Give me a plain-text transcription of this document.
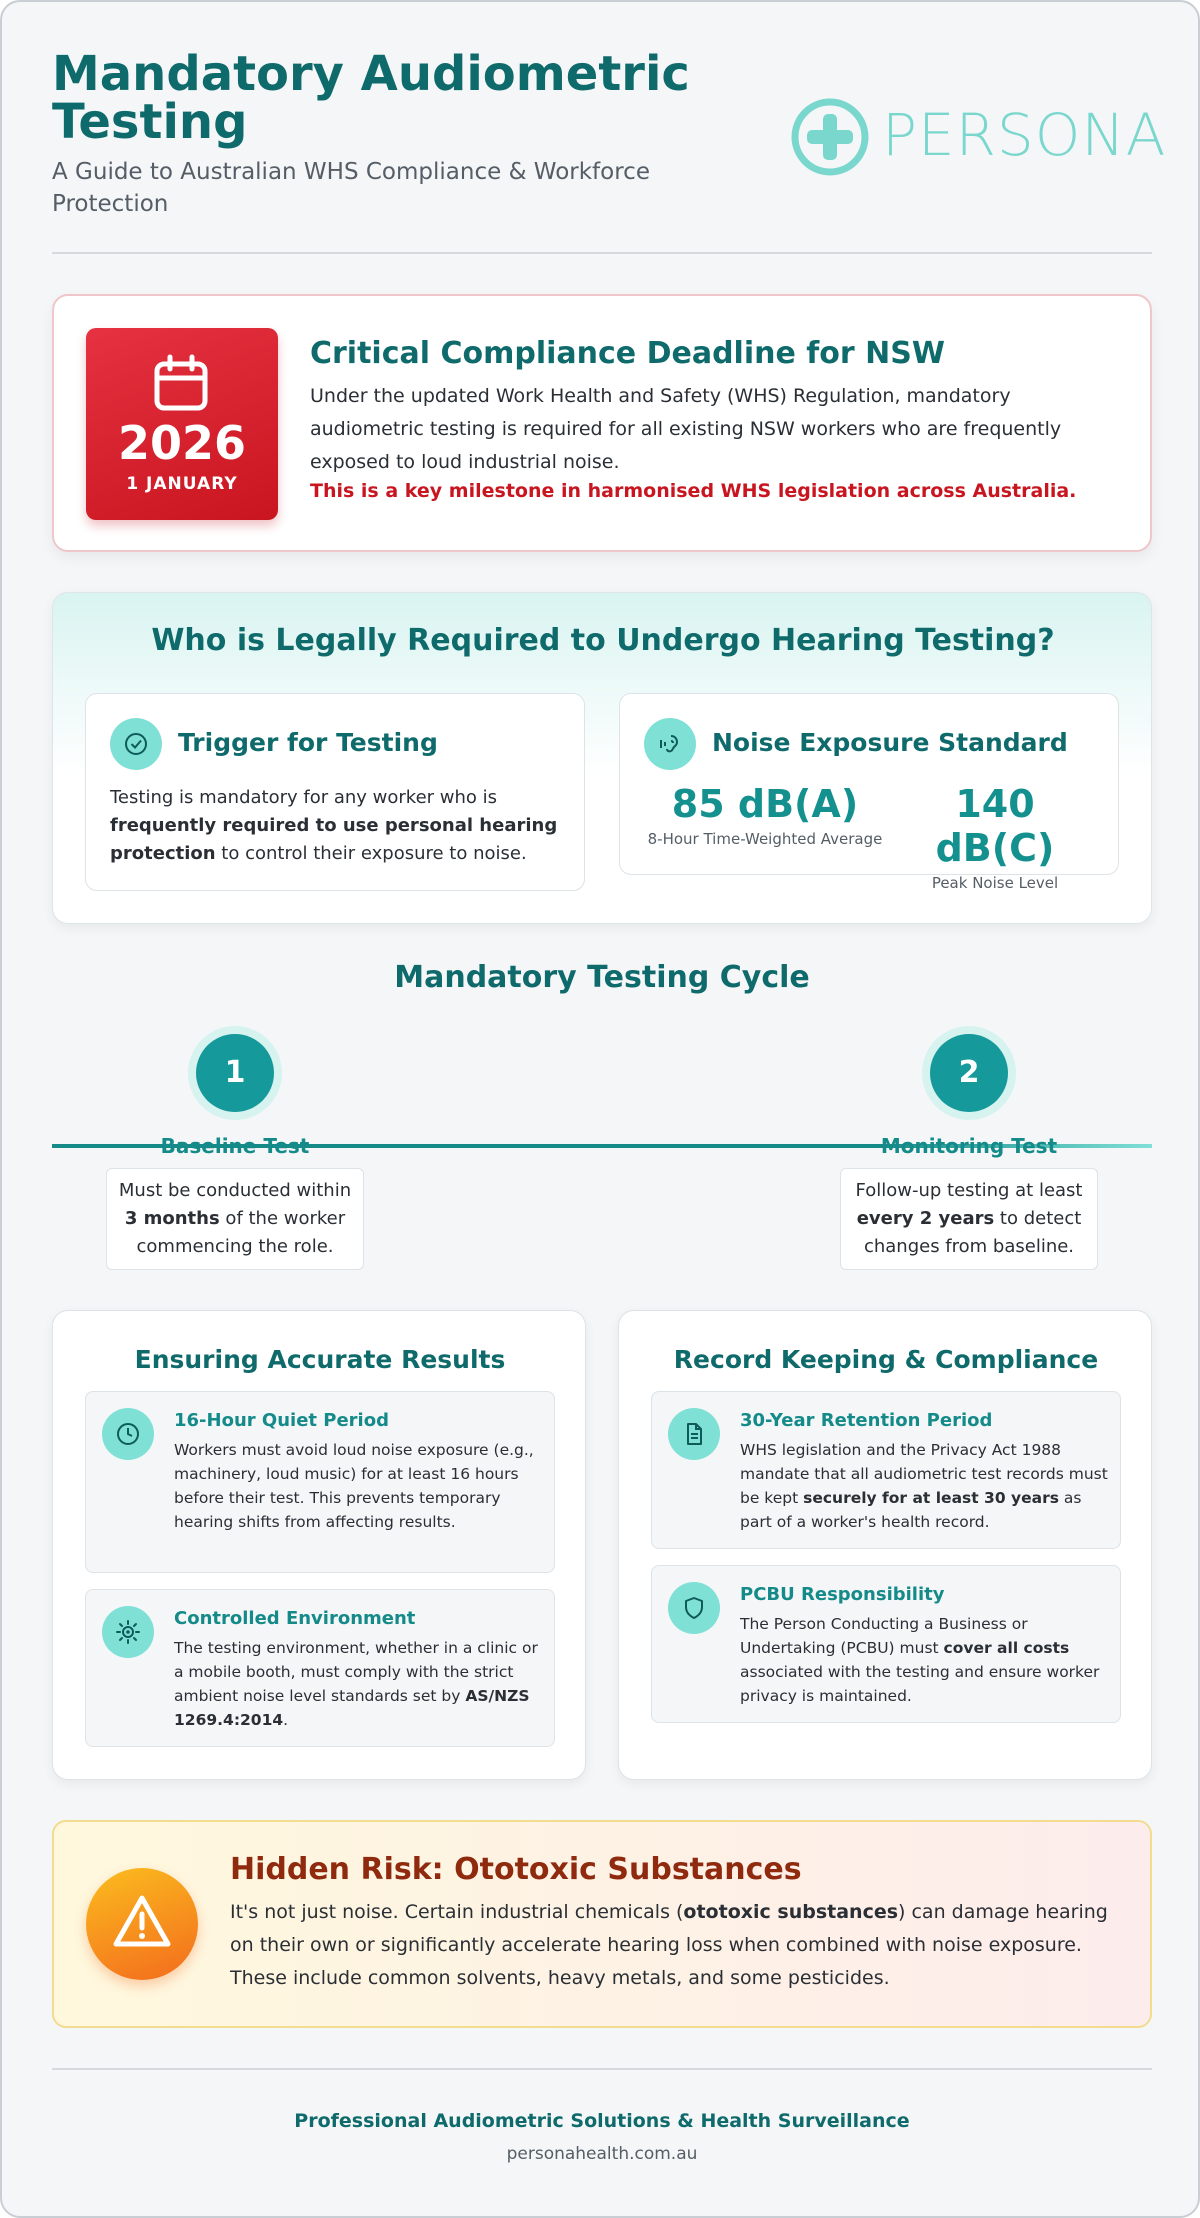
Mandatory Audiometric Testing
A Guide to Australian WHS Compliance & Workforce Protection
PERSONA
2026
1 JANUARY
Critical Compliance Deadline for NSW
Under the updated Work Health and Safety (WHS) Regulation, mandatory audiometric testing is required for all existing NSW workers who are frequently exposed to loud industrial noise.
This is a key milestone in harmonised WHS legislation across Australia.
Who is Legally Required to Undergo Hearing Testing?
Trigger for Testing
Testing is mandatory for any worker who is frequently required to use personal hearing protection to control their exposure to noise.
Noise Exposure Standard
85 dB(A)
8-Hour Time-Weighted Average
140 dB(C)
Peak Noise Level
Mandatory Testing Cycle
1
Baseline Test
Must be conducted within 3 months of the worker commencing the role.
2
Monitoring Test
Follow-up testing at least every 2 years to detect changes from baseline.
Ensuring Accurate Results
16-Hour Quiet Period

Workers must avoid loud noise exposure (e.g., machinery, loud music) for at least 16 hours before their test. This prevents temporary hearing shifts from affecting results.

Controlled Environment

The testing environment, whether in a clinic or a mobile booth, must comply with the strict ambient noise level standards set by AS/NZS 1269.4:2014.

Record Keeping & Compliance
30-Year Retention Period

WHS legislation and the Privacy Act 1988 mandate that all audiometric test records must be kept securely for at least 30 years as part of a worker's health record.

PCBU Responsibility

The Person Conducting a Business or Undertaking (PCBU) must cover all costs associated with the testing and ensure worker privacy is maintained.

Hidden Risk: Ototoxic Substances

It's not just noise. Certain industrial chemicals (ototoxic substances) can damage hearing on their own or significantly accelerate hearing loss when combined with noise exposure. These include common solvents, heavy metals, and some pesticides.

Professional Audiometric Solutions & Health Surveillance
personahealth.com.au
